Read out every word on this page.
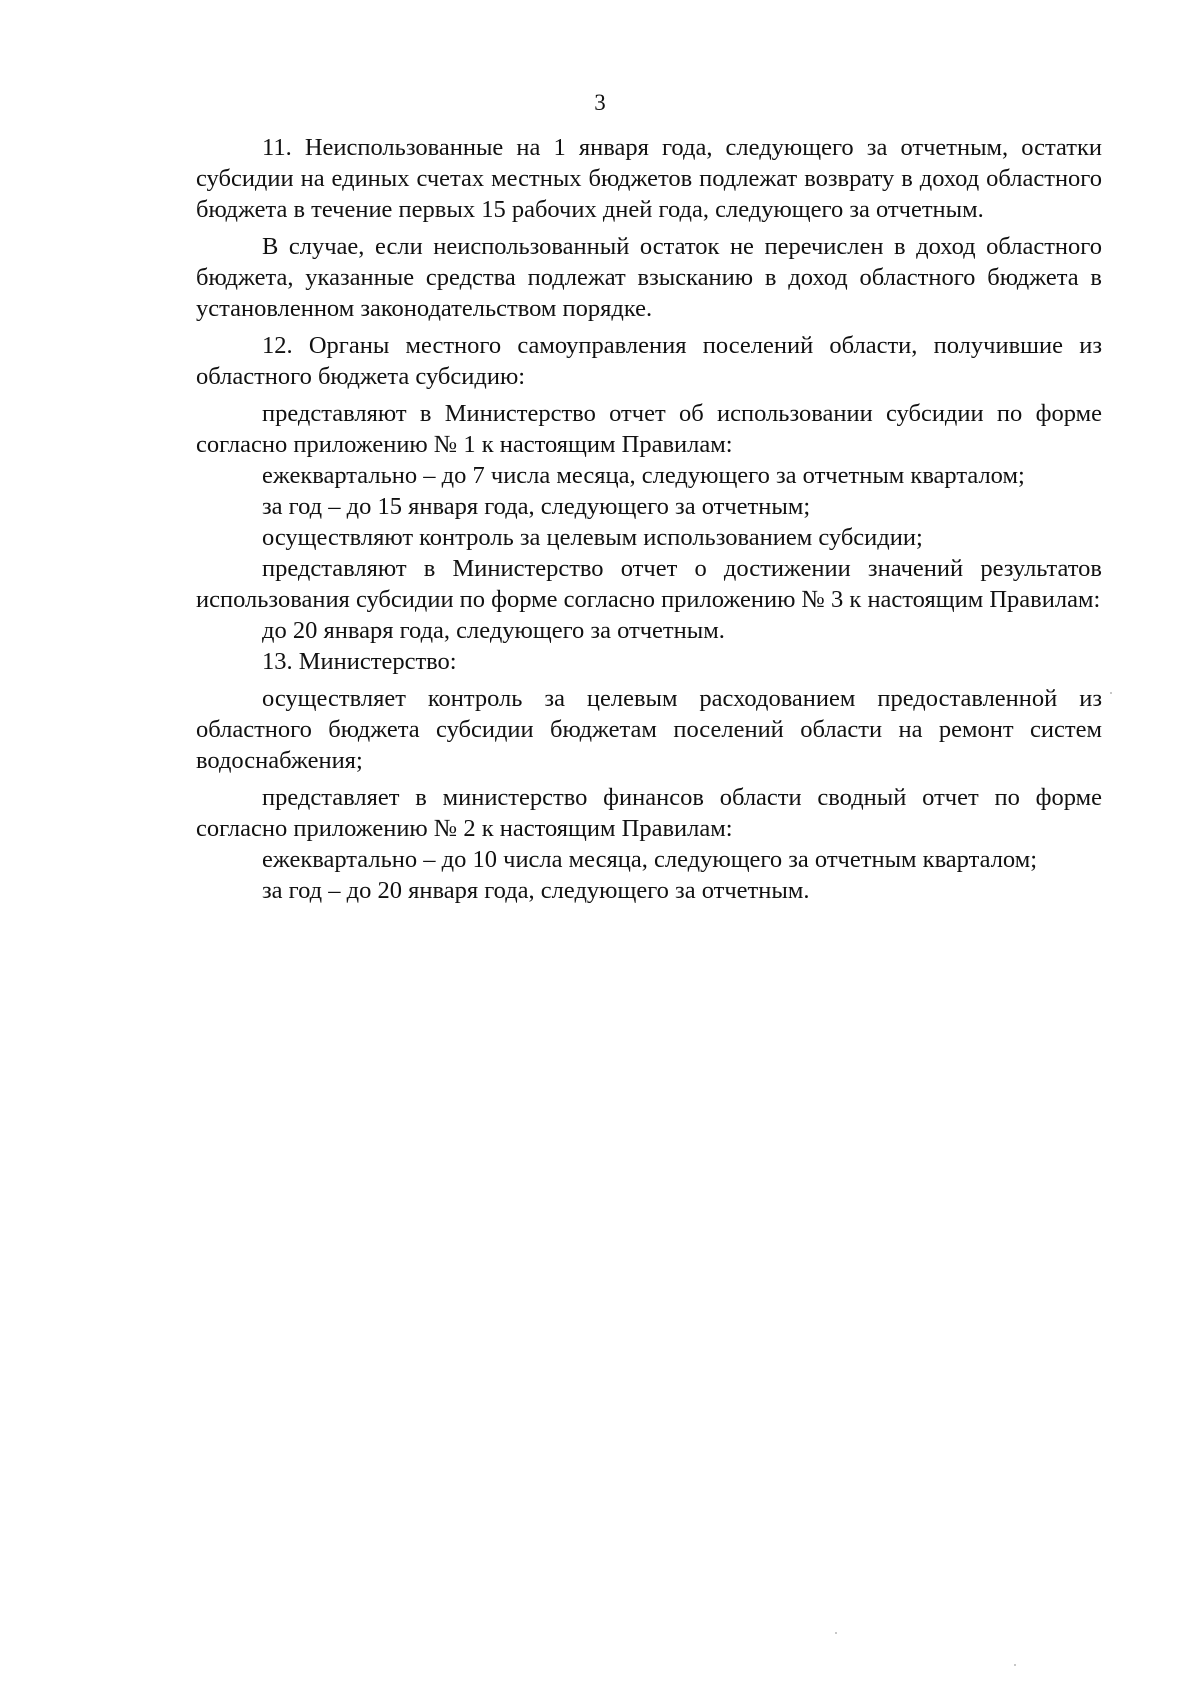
3

11. Неиспользованные на 1 января года, следующего за отчетным, остатки субсидии на единых счетах местных бюджетов подлежат возврату в доход областного бюджета в течение первых 15 рабочих дней года, следующего за отчетным.

В случае, если неиспользованный остаток не перечислен в доход областного бюджета, указанные средства подлежат взысканию в доход областного бюджета в установленном законодательством порядке.

12. Органы местного самоуправления поселений области, получившие из областного бюджета субсидию:

представляют в Министерство отчет об использовании субсидии по форме согласно приложению № 1 к настоящим Правилам:

ежеквартально – до 7 числа месяца, следующего за отчетным кварталом;

за год – до 15 января года, следующего за отчетным;

осуществляют контроль за целевым использованием субсидии;

представляют в Министерство отчет о достижении значений результатов использования субсидии по форме согласно приложению № 3 к настоящим Правилам:

до 20 января года, следующего за отчетным.

13. Министерство:

осуществляет контроль за целевым расходованием предоставленной из областного бюджета субсидии бюджетам поселений области на ремонт систем водоснабжения;

представляет в министерство финансов области сводный отчет по форме согласно приложению № 2 к настоящим Правилам:

ежеквартально – до 10 числа месяца, следующего за отчетным кварталом;

за год – до 20 января года, следующего за отчетным.
